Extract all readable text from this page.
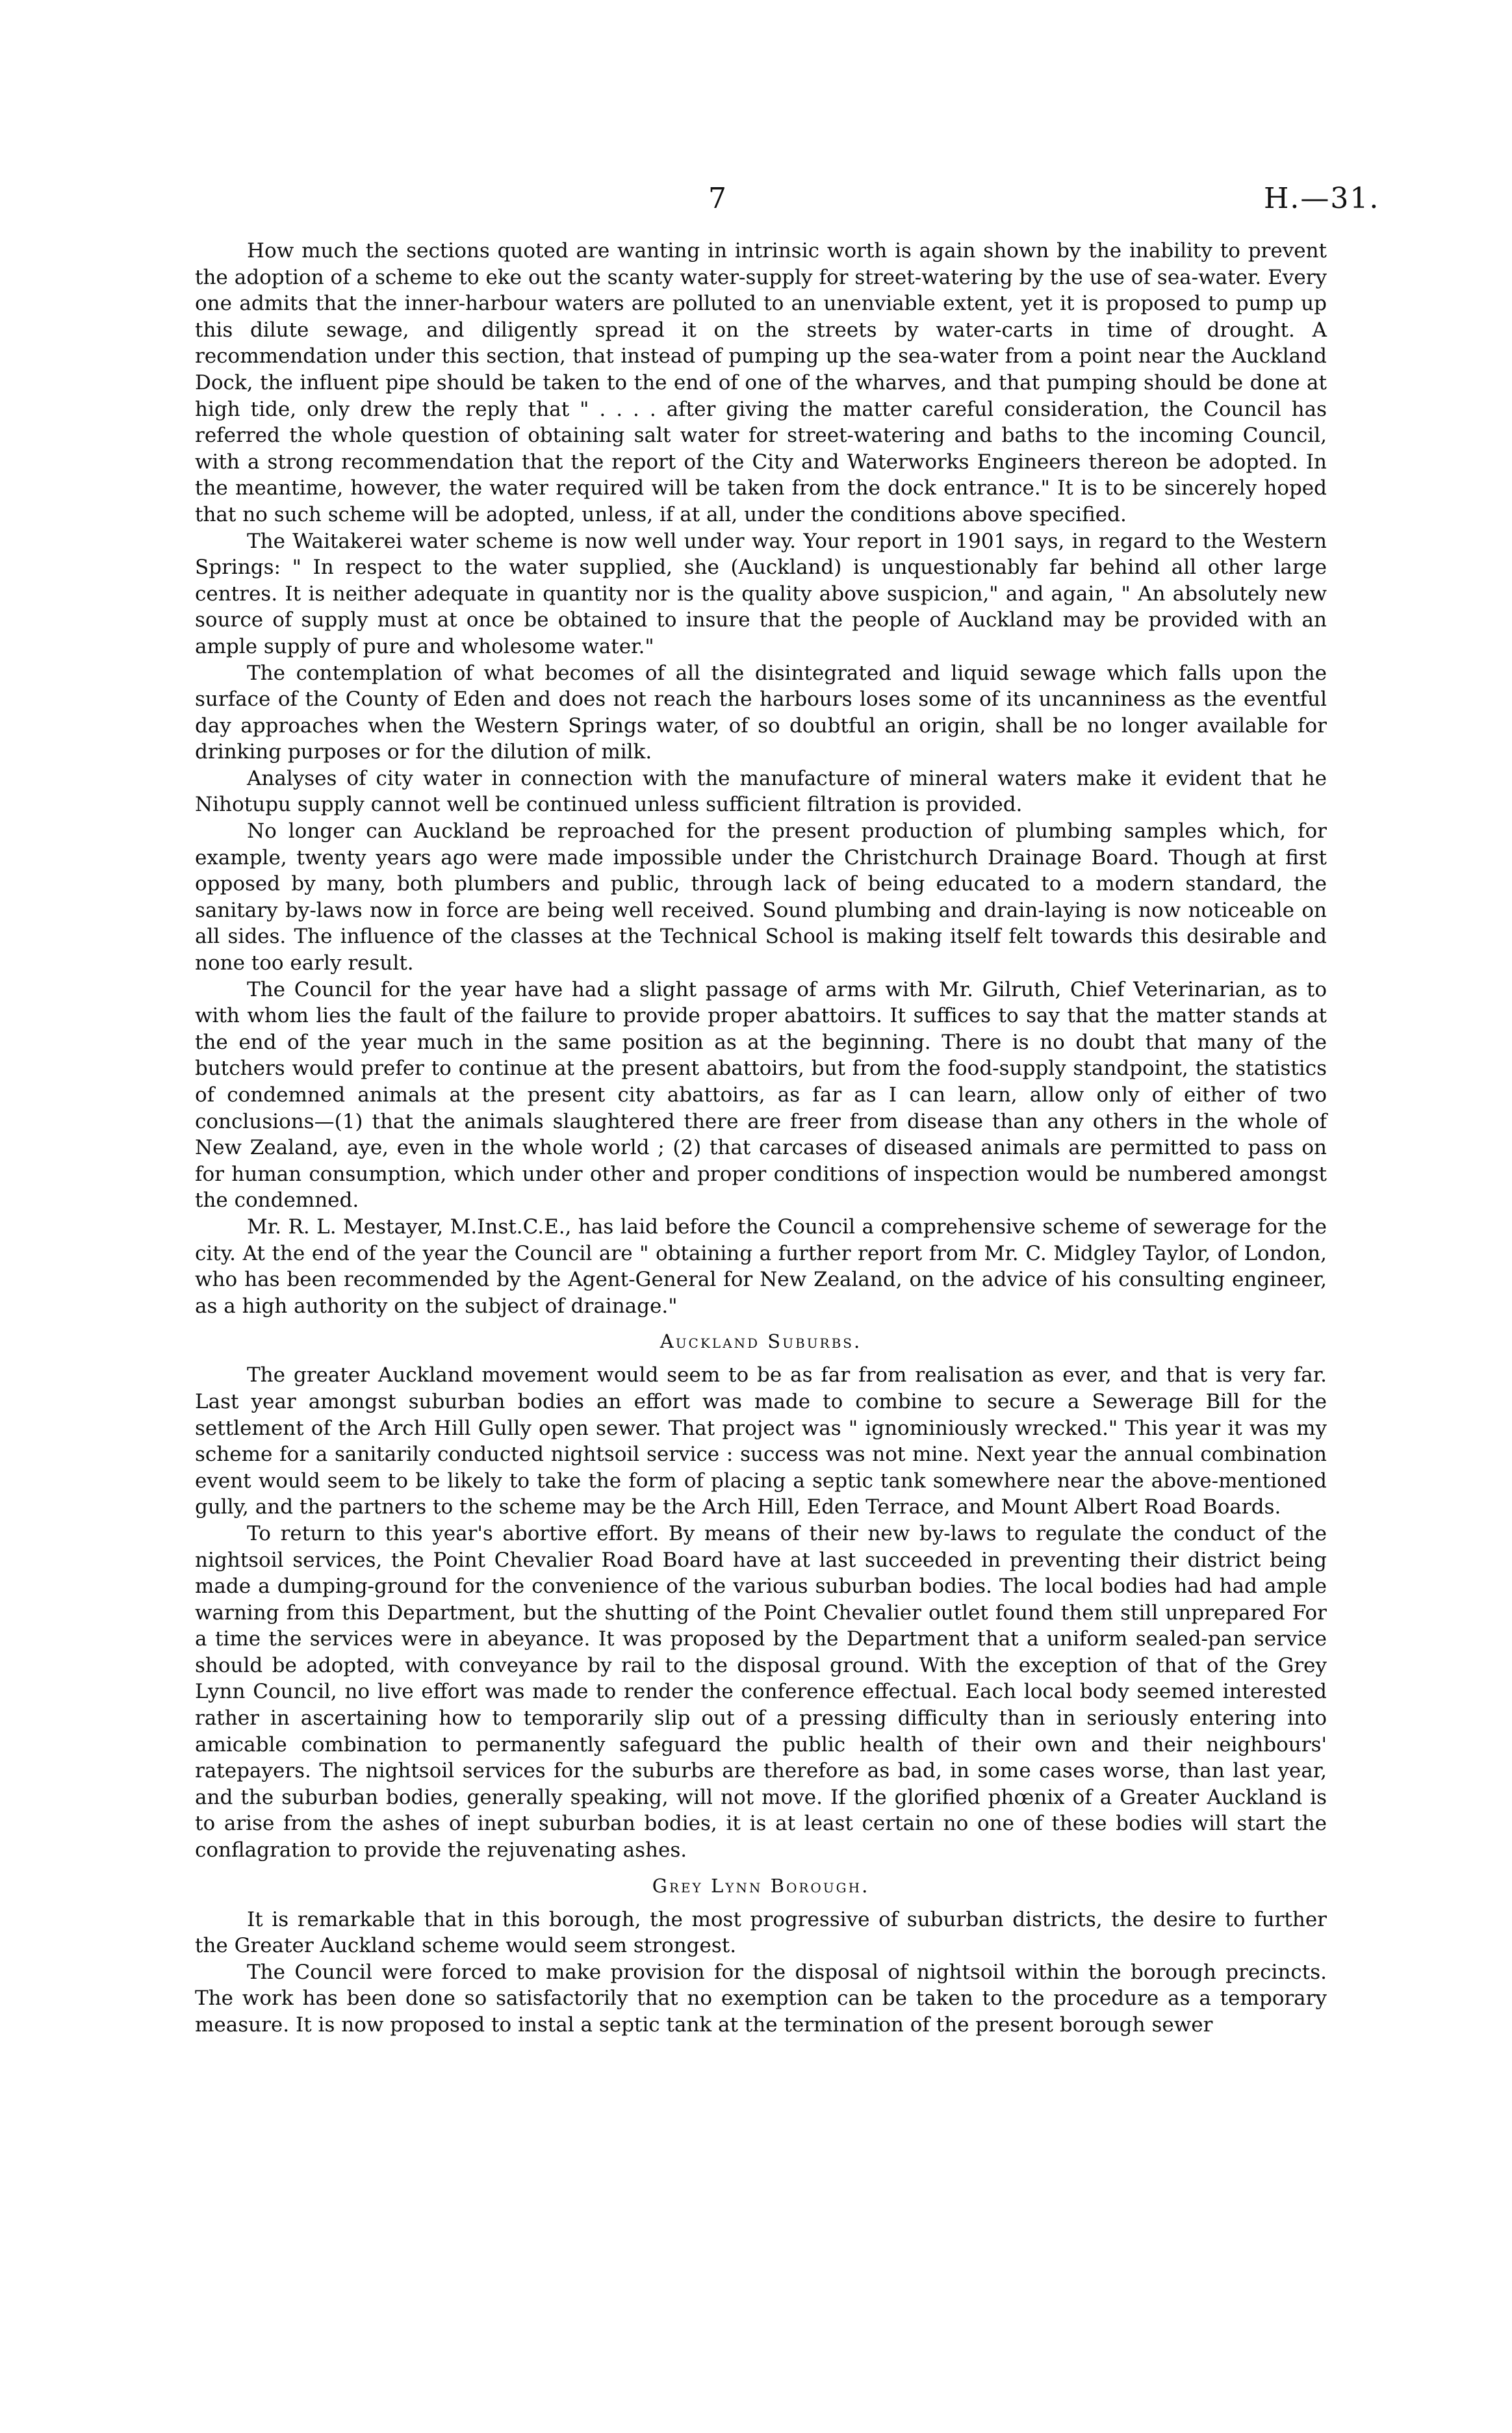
7	H.—31.

How much the sections quoted are wanting in intrinsic worth is again shown by the inability to prevent the adoption of a scheme to eke out the scanty water-supply for street-watering by the use of sea-water. Every one admits that the inner-harbour waters are polluted to an unenviable extent, yet it is proposed to pump up this dilute sewage, and diligently spread it on the streets by water-carts in time of drought. A recommendation under this section, that instead of pumping up the sea-water from a point near the Auckland Dock, the influent pipe should be taken to the end of one of the wharves, and that pumping should be done at high tide, only drew the reply that " . . . . after giving the matter careful consideration, the Council has referred the whole question of obtaining salt water for street-watering and baths to the incoming Council, with a strong recommendation that the report of the City and Waterworks Engineers thereon be adopted. In the meantime, however, the water required will be taken from the dock entrance." It is to be sincerely hoped that no such scheme will be adopted, unless, if at all, under the conditions above specified.

The Waitakerei water scheme is now well under way. Your report in 1901 says, in regard to the Western Springs: " In respect to the water supplied, she (Auckland) is unquestionably far behind all other large centres. It is neither adequate in quantity nor is the quality above suspicion," and again, " An absolutely new source of supply must at once be obtained to insure that the people of Auckland may be provided with an ample supply of pure and wholesome water."

The contemplation of what becomes of all the disintegrated and liquid sewage which falls upon the surface of the County of Eden and does not reach the harbours loses some of its uncanniness as the eventful day approaches when the Western Springs water, of so doubtful an origin, shall be no longer available for drinking purposes or for the dilution of milk.

Analyses of city water in connection with the manufacture of mineral waters make it evident that he Nihotupu supply cannot well be continued unless sufficient filtration is provided.

No longer can Auckland be reproached for the present production of plumbing samples which, for example, twenty years ago were made impossible under the Christchurch Drainage Board. Though at first opposed by many, both plumbers and public, through lack of being educated to a modern standard, the sanitary by-laws now in force are being well received. Sound plumbing and drain-laying is now noticeable on all sides. The influence of the classes at the Technical School is making itself felt towards this desirable and none too early result.

The Council for the year have had a slight passage of arms with Mr. Gilruth, Chief Veterinarian, as to with whom lies the fault of the failure to provide proper abattoirs. It suffices to say that the matter stands at the end of the year much in the same position as at the beginning. There is no doubt that many of the butchers would prefer to continue at the present abattoirs, but from the food-supply standpoint, the statistics of condemned animals at the present city abattoirs, as far as I can learn, allow only of either of two conclusions—(1) that the animals slaughtered there are freer from disease than any others in the whole of New Zealand, aye, even in the whole world ; (2) that carcases of diseased animals are permitted to pass on for human consumption, which under other and proper conditions of inspection would be numbered amongst the condemned.

Mr. R. L. Mestayer, M.Inst.C.E., has laid before the Council a comprehensive scheme of sewerage for the city. At the end of the year the Council are " obtaining a further report from Mr. C. Midgley Taylor, of London, who has been recommended by the Agent-General for New Zealand, on the advice of his consulting engineer, as a high authority on the subject of drainage."

Auckland Suburbs.

The greater Auckland movement would seem to be as far from realisation as ever, and that is very far. Last year amongst suburban bodies an effort was made to combine to secure a Sewerage Bill for the settlement of the Arch Hill Gully open sewer. That project was " ignominiously wrecked." This year it was my scheme for a sanitarily conducted nightsoil service : success was not mine. Next year the annual combination event would seem to be likely to take the form of placing a septic tank somewhere near the above-mentioned gully, and the partners to the scheme may be the Arch Hill, Eden Terrace, and Mount Albert Road Boards.

To return to this year's abortive effort. By means of their new by-laws to regulate the conduct of the nightsoil services, the Point Chevalier Road Board have at last succeeded in preventing their district being made a dumping-ground for the convenience of the various suburban bodies. The local bodies had had ample warning from this Department, but the shutting of the Point Chevalier outlet found them still unprepared For a time the services were in abeyance. It was proposed by the Department that a uniform sealed-pan service should be adopted, with conveyance by rail to the disposal ground. With the exception of that of the Grey Lynn Council, no live effort was made to render the conference effectual. Each local body seemed interested rather in ascertaining how to temporarily slip out of a pressing difficulty than in seriously entering into amicable combination to permanently safeguard the public health of their own and their neighbours' ratepayers. The nightsoil services for the suburbs are therefore as bad, in some cases worse, than last year, and the suburban bodies, generally speaking, will not move. If the glorified phœnix of a Greater Auckland is to arise from the ashes of inept suburban bodies, it is at least certain no one of these bodies will start the conflagration to provide the rejuvenating ashes.

Grey Lynn Borough.

It is remarkable that in this borough, the most progressive of suburban districts, the desire to further the Greater Auckland scheme would seem strongest.

The Council were forced to make provision for the disposal of nightsoil within the borough precincts. The work has been done so satisfactorily that no exemption can be taken to the procedure as a temporary measure. It is now proposed to instal a septic tank at the termination of the present borough sewer
